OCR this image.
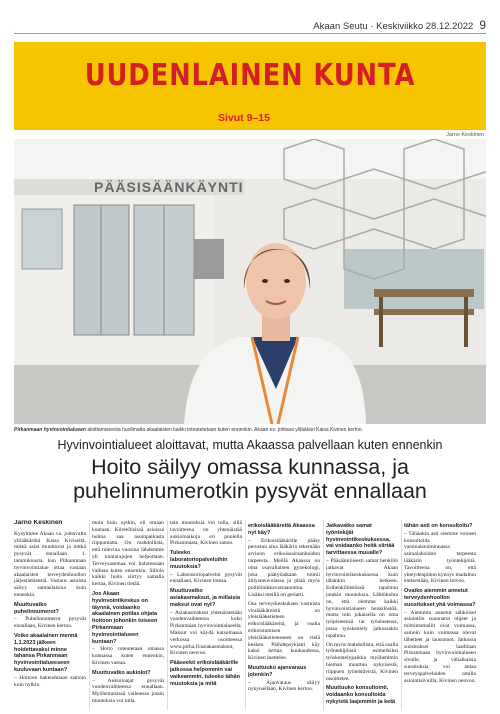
Akaan Seutu · Keskiviikko 28.12.2022 9
UUDENLAINEN KUNTA
Sivut 9–15
Jarno Keskinen
PÄÄSISÄÄNKÄYNTI
Pirkanmaan hyvinvointialueen aloittamiseesta huolimatta akaalaisten kaikki toteutetetaan kuten ennenkin. Akaan ex. johtava ylilääkäri Kaisa Kivinen kertoo.
Hyvinvointialueet aloittavat, mutta Akaassa palvellaan kuten ennenkin
Hoito säilyy omassa kunnassa, ja puhelinnumerotkin pysyvät ennallaan
Jarno Keskinen

Kysyimme Akaan va. johtavalta ylilääkäriltä Kaisa Kiviseltä, mitkä asiat muuttuvat ja mitkä pysyvät ennallaan 1. tammikuusta, kun Pirkanmaan hyvinvointialue ottaa vastaan akaalaisten terveydenhuollon järjestämisestä. Vastaus asioista säilyy samanlaisina kuin ennenkin.

Muuttuvatko puhelinnumerot?

– Puhelinnumerot pysyvät ennallaan, Kivinen kertoo.

Voiko akaalainen mennä 1.1.2023 jälkeen hoidettavaksi minne tahansa Pirkanmaan hyvinvointialueeseen kuuluvaan kuntaan?

– Hoitoon hakeudutaan samoin kuin nytkin.

moin kuin nytkin, eli omaan kuntaan. Kiireellisissä asioissa hoitoa saa asuinpaikasta riippumatta. On mahdollista, että tulevina vuosina lähdemme yli kuntarajojen hefpottaan. Terveysasemaa voi halutessaan vaihtaa kuten ennenkin. Silloin kaikki hoito siirtyy samalla kertaa, Kivinen tietää.

Jos Akaan hyvinvointikeskus on täynnä, voidaanko akaalainen potilas ohjata hoitoon johonkin toiseen Pirkanmaan hyvinvointialueen kuntaan?

– Hoito toteutetaan omassa kunnassa kuten ennenkin, Kivinen vastaa.

Muuttuvatko aukiolot?

– Aukioloajat pysyvät vuodenvaihteessa ennallaan. Myöhemmässä vaiheessa jotain muutoksia voi tulla.

tain muutoksia voi tulla, sillä tavoitteena on yhtenäistää aukioloaikoja eri puolella Pirkanmaata, Kivinen sanoo.

Tuleeko laboratoriopalveluihin muutoksia?

– Laboratoriopalvelut pysyvät ennallaan, Kivinen toteaa.

Muuttuvatko asiakasmaksut, ja millaisia maksut ovat nyt?

– Asiakasmaksut yhtenäistetään vuodenvaihteessa koko Pirkanmaan hyvinvointialueella. Maksut voi käydä katsomassa verkossa osoitteessa www.pirha.fi/asiakasmaksut, Kivinen neuvoo.

Pääseekö erikoislääkärille jatkossa helpommin vai vaikeammin, tuleeko tähän muutoksia ja mitä
erikoislääkäreitä Akaassa nyt käy?

– Erikoislääkärille pääsy perustuu aina lääkärin tekemään arvioon erikoissairaanhoidon tarpeesta. Meillä Akaassa on oma osavaltainen gynekologi, joka päätyöaikaan toimii äitiysneuvolassa ja pitää myös poliklinikkavastaanottoa. Lisäksi meillä on geriatri.

Osa terveyskeskuksen vastuista viralääkäreistä on yleislääketieteen erikoislääkäreitä, ja osalla erikoistumisen yleislääketieteeseen on vielä kesken. Päihdepsykiatri käy kaksi kertaa kuukaudessa, Kivinen luettelee.

Muuttuuko ajanvaraus jotenkin?

– Ajanvaraus säilyy nykyisellään, Kivinen kertoo.

Jatkavatko samat työntekijät hyvinvointikeskuksessa, vai voidaanko heitä siirtää tarvittaessa muualle?

– Pääsääntöisesti samat henkilöt jatkavat Akaan hyvinvointikeskuksessa kuin tähänkin hetkeen. Esihenkilöistössä tapahtuu jotakin muutoksia. Lähtökohta on, että olemme kaikki hyvinvointialueen henkilöstöä, mutta toki jokaisella on oma työpisteensä tai työalueensa, jossa työskentely jatkossakin tapahtuu.

On myös mahdollista, että osalla työntekijöistä esimerkiksi työskentelypaikka myöhemmin hieman muuttuu nykyisestä, riippuen työtehtävistä, Kivinen tasoittelee.

Muuttuuko konsultointi, voidaanko konsultoida nykyistä laajemmin ja ketä
tähän asti on konsultoitu?

– Tähänkin asti olemme voineet konsultoida varsinaistoiminnassa sairaalahoidon tarpeesta lääkärin työntekijöitä. Tavoitteena on, että yhteydenpidon kynnys madaltuu entisestään, Kivinen toivoo.

Ovatko aiemmin annetut terveydenhuollon suositukset yhä voimassa?

– Aiemmin annetut sähköiset asiointiin suunnatut ohjeet ja toimintamallit ovat voimassa, samoin kuin voimassa olevat lähetteet ja lausunnot. Jatkossa suositukset laaditaan Pirkanmaan hyvinvointialueen sivulle, ja väliaikaisia suosituksia voi antaa terveyspalveluiden omilla asiointisivuilla, Kivinen neuvoo.
